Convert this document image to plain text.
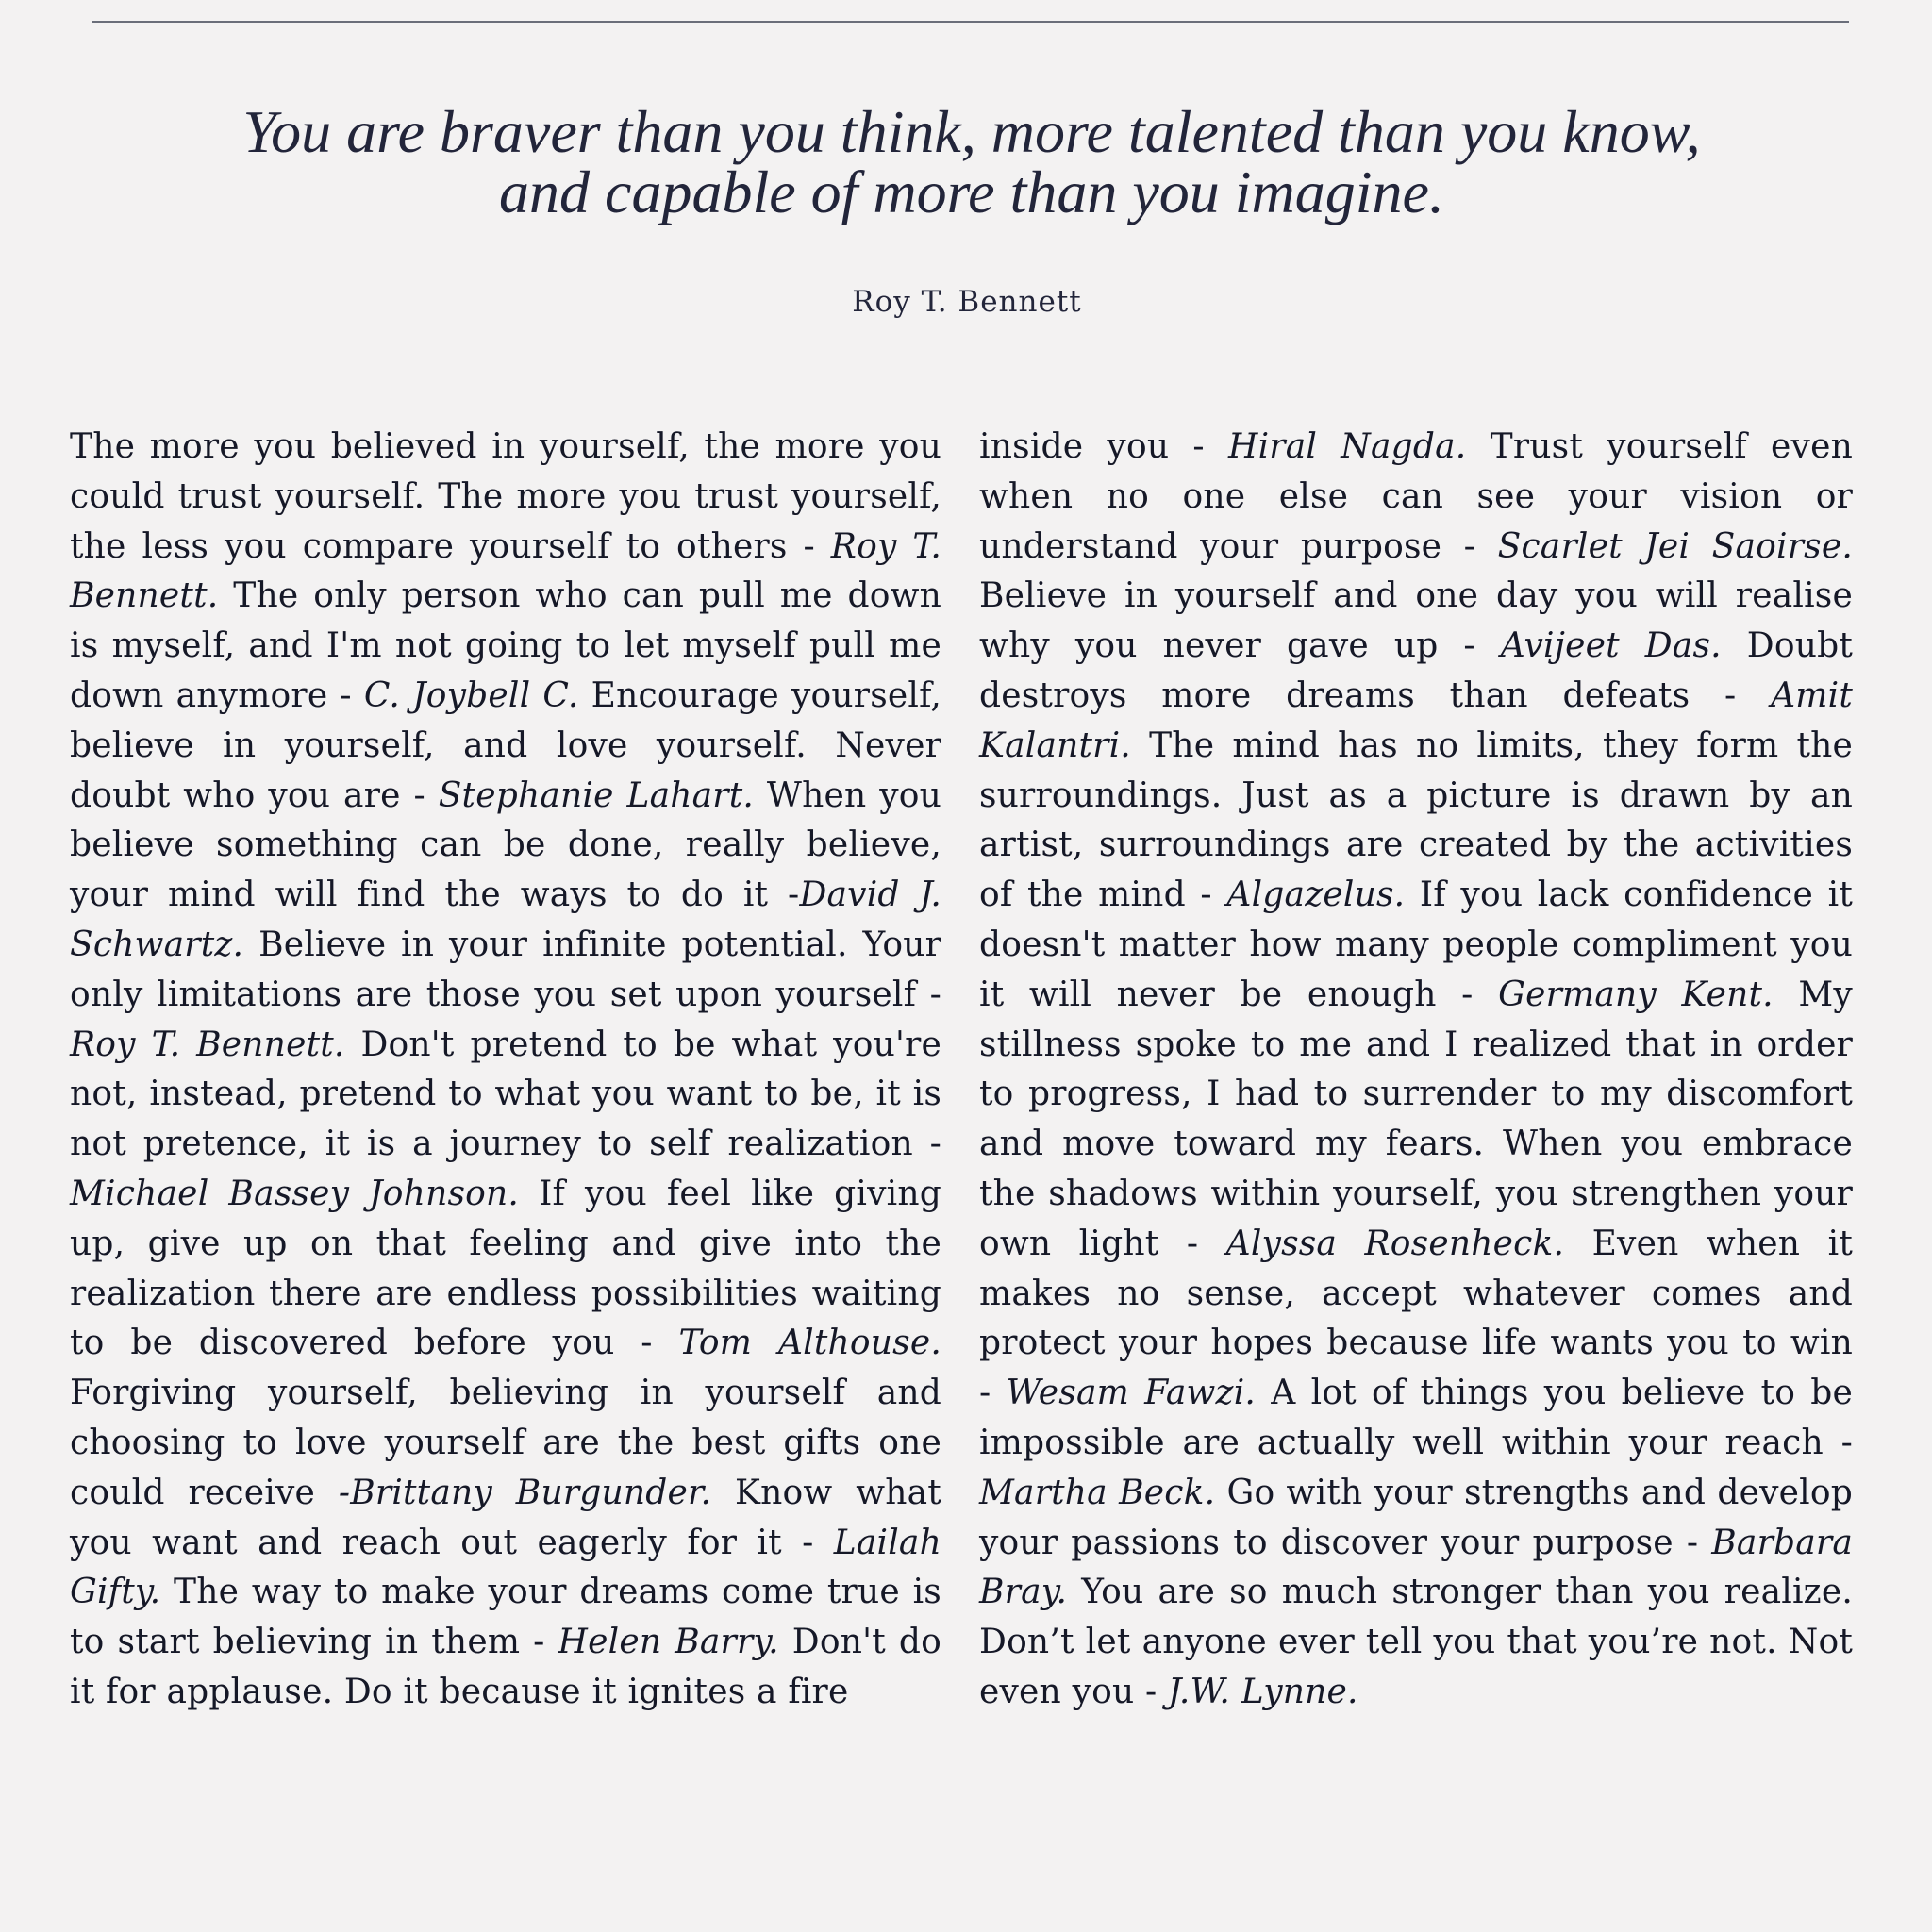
You are braver than you think, more talented than you know,
and capable of more than you imagine.
Roy T. Bennett
The more you believed in yourself, the more you could trust yourself. The more you trust yourself, the less you compare yourself to others - Roy T. Bennett. The only person who can pull me down is myself, and I'm not going to let myself pull me down anymore - C. Joybell C. Encourage yourself, believe in yourself, and love yourself. Never doubt who you are - Stephanie Lahart. When you believe something can be done, really believe, your mind will find the ways to do it -David J. Schwartz. Believe in your infinite potential. Your only limitations are those you set upon yourself - Roy T. Bennett. Don't pretend to be what you're not, instead, pretend to what you want to be, it is not pretence, it is a journey to self realization - Michael Bassey Johnson. If you feel like giving up, give up on that feeling and give into the realization there are endless possibilities waiting to be discovered before you - Tom Althouse. Forgiving yourself, believing in yourself and choosing to love yourself are the best gifts one could receive -Brittany Burgunder. Know what you want and reach out eagerly for it - Lailah Gifty. The way to make your dreams come true is to start believing in them - Helen Barry. Don't do it for applause. Do it because it ignites a fire
inside you - Hiral Nagda. Trust yourself even when no one else can see your vision or understand your purpose - Scarlet Jei Saoirse. Believe in yourself and one day you will realise why you never gave up - Avijeet Das. Doubt destroys more dreams than defeats - Amit Kalantri. The mind has no limits, they form the surroundings. Just as a picture is drawn by an artist, surroundings are created by the activities of the mind - Algazelus. If you lack confidence it doesn't matter how many people compliment you it will never be enough - Germany Kent. My stillness spoke to me and I realized that in order to progress, I had to surrender to my discomfort and move toward my fears. When you embrace the shadows within yourself, you strengthen your own light - Alyssa Rosenheck. Even when it makes no sense, accept whatever comes and protect your hopes because life wants you to win - Wesam Fawzi. A lot of things you believe to be impossible are actually well within your reach - Martha Beck. Go with your strengths and develop your passions to discover your purpose - Barbara Bray. You are so much stronger than you realize. Don’t let anyone ever tell you that you’re not. Not even you - J.W. Lynne.
